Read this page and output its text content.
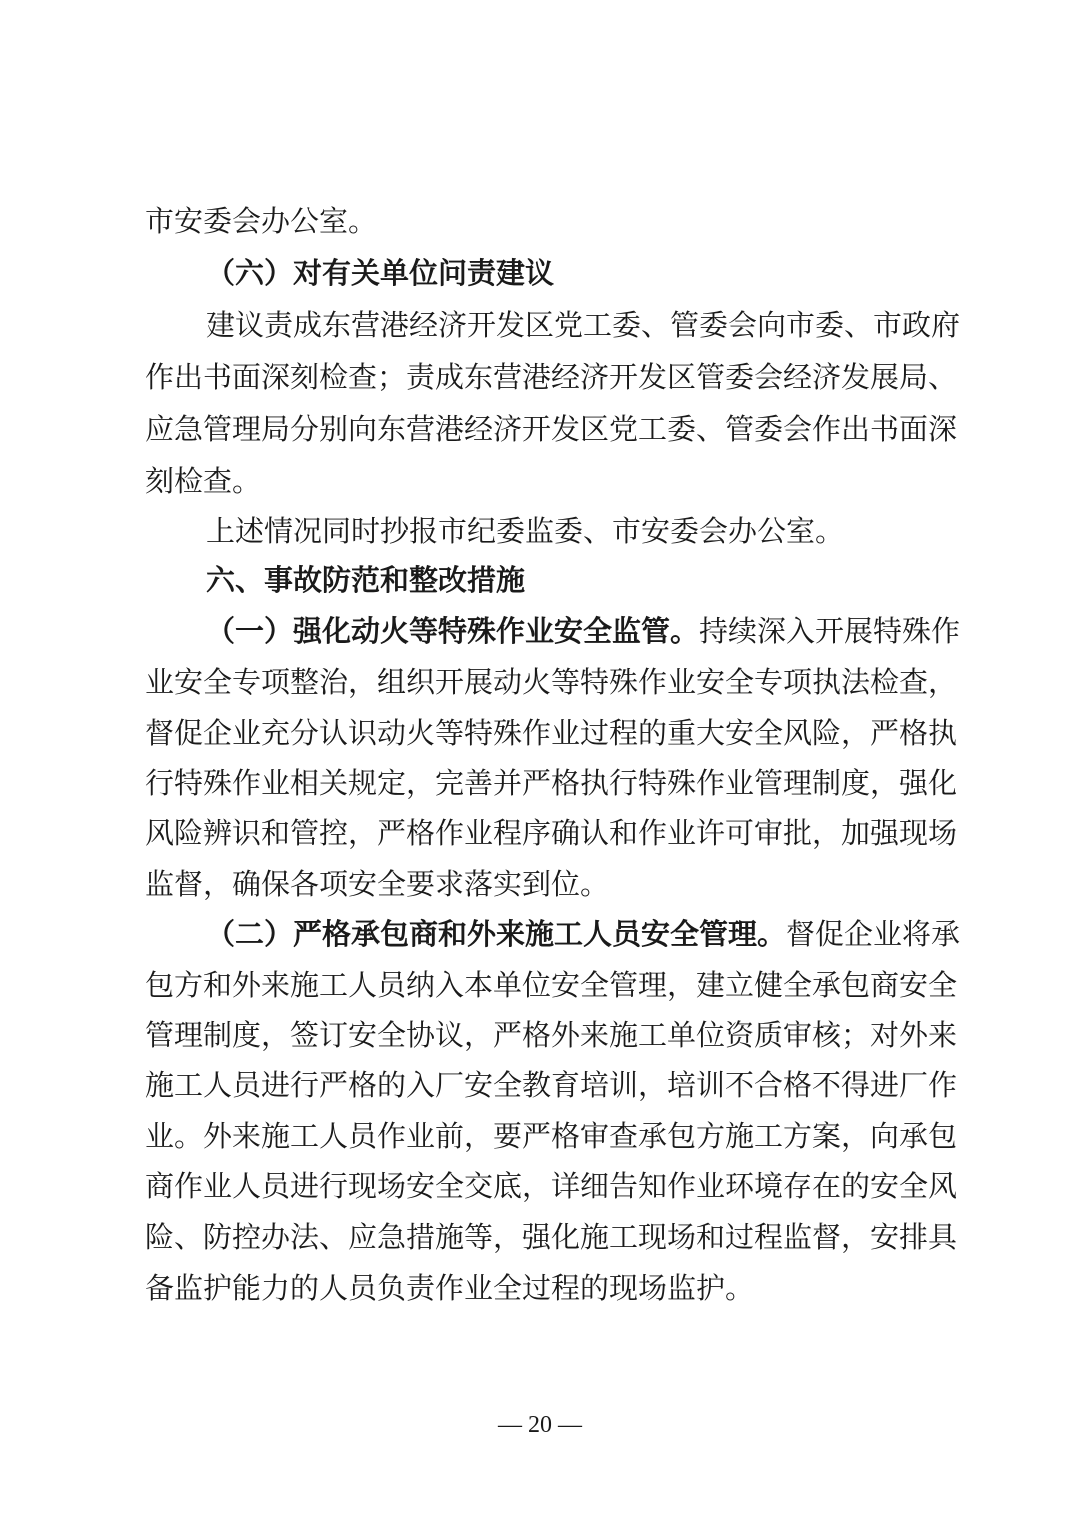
市安委会办公室。
（六）对有关单位问责建议
建议责成东营港经济开发区党工委、管委会向市委、市政府
作出书面深刻检查；责成东营港经济开发区管委会经济发展局、
应急管理局分别向东营港经济开发区党工委、管委会作出书面深
刻检查。
上述情况同时抄报市纪委监委、市安委会办公室。
六、事故防范和整改措施
（一）强化动火等特殊作业安全监管。持续深入开展特殊作
业安全专项整治，组织开展动火等特殊作业安全专项执法检查，
督促企业充分认识动火等特殊作业过程的重大安全风险，严格执
行特殊作业相关规定，完善并严格执行特殊作业管理制度，强化
风险辨识和管控，严格作业程序确认和作业许可审批，加强现场
监督，确保各项安全要求落实到位。
（二）严格承包商和外来施工人员安全管理。督促企业将承
包方和外来施工人员纳入本单位安全管理，建立健全承包商安全
管理制度，签订安全协议，严格外来施工单位资质审核；对外来
施工人员进行严格的入厂安全教育培训，培训不合格不得进厂作
业。外来施工人员作业前，要严格审查承包方施工方案，向承包
商作业人员进行现场安全交底，详细告知作业环境存在的安全风
险、防控办法、应急措施等，强化施工现场和过程监督，安排具
备监护能力的人员负责作业全过程的现场监护。
— 20 —
